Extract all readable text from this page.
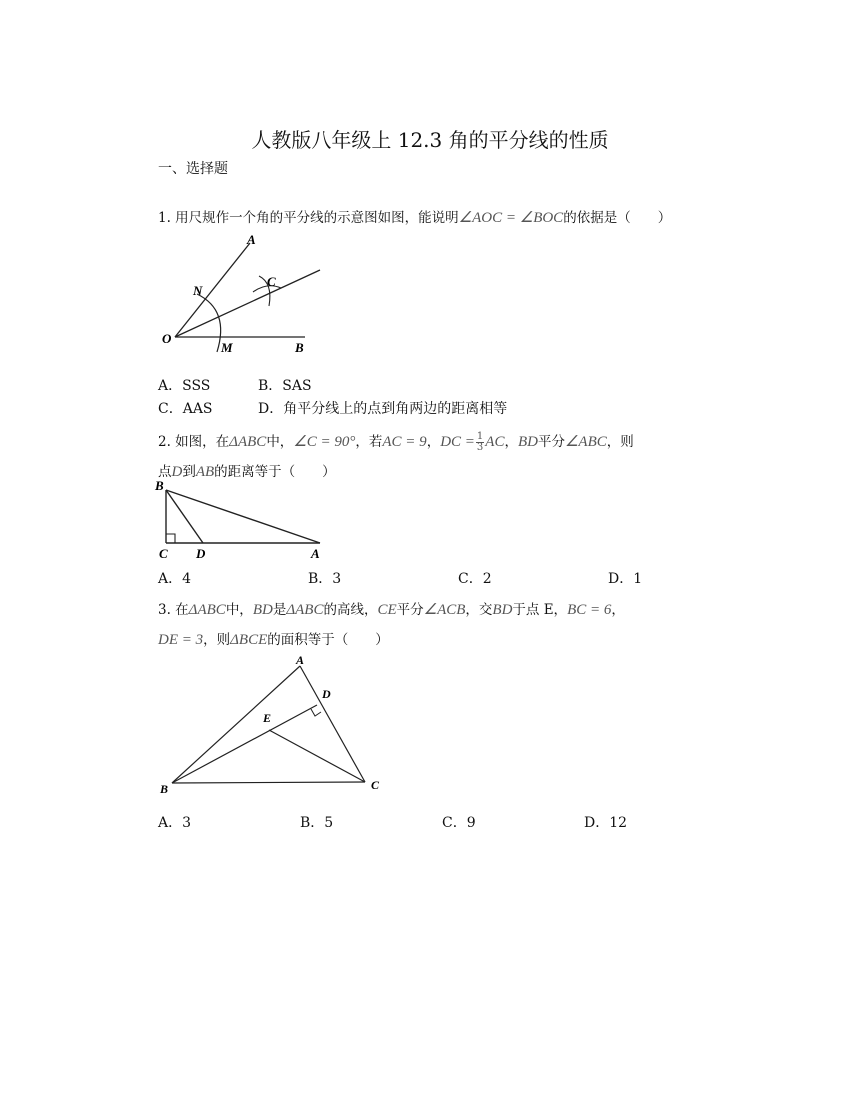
人教版八年级上 12.3 角的平分线的性质
一、选择题
1. 用尺规作一个角的平分线的示意图如图，能说明∠AOC = ∠BOC的依据是（　　）
A
C
N
O
M	B
A．SSS	B．SAS
C．AAS	D．角平分线上的点到角两边的距离相等
2. 如图，在ΔABC中，∠C = 90°，若AC = 9，DC = $\frac{1}{3}$ AC，BD平分∠ABC，则
点D到AB的距离等于（　　）
B
C D	A
A．4	B．3	C．2	D．1
3. 在ΔABC中，BD是ΔABC的高线，CE平分∠ACB，交BD于点 E，BC = 6，
DE = 3，则ΔBCE的面积等于（　　）
A
D
E
B	C
A．3	B．5	C．9	D．12
